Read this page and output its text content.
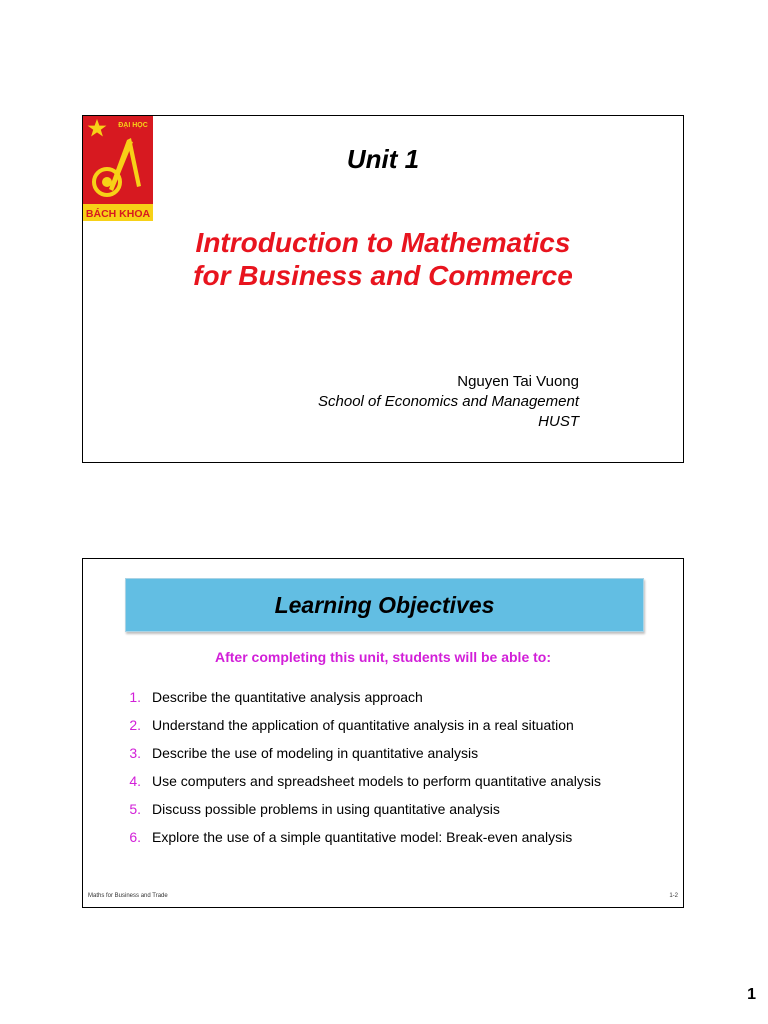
ĐẠI HỌC
BÁCH KHOA
Unit 1
Introduction to Mathematics
for Business and Commerce
Nguyen Tai Vuong
School of Economics and Management
HUST
Learning Objectives
After completing this unit, students will be able to:
1. Describe the quantitative analysis approach
2. Understand the application of quantitative analysis in a real situation
3. Describe the use of modeling in quantitative analysis
4. Use computers and spreadsheet models to perform quantitative analysis
5. Discuss possible problems in using quantitative analysis
6. Explore the use of a simple quantitative model: Break-even analysis
Maths for Business and Trade	1-2
1
